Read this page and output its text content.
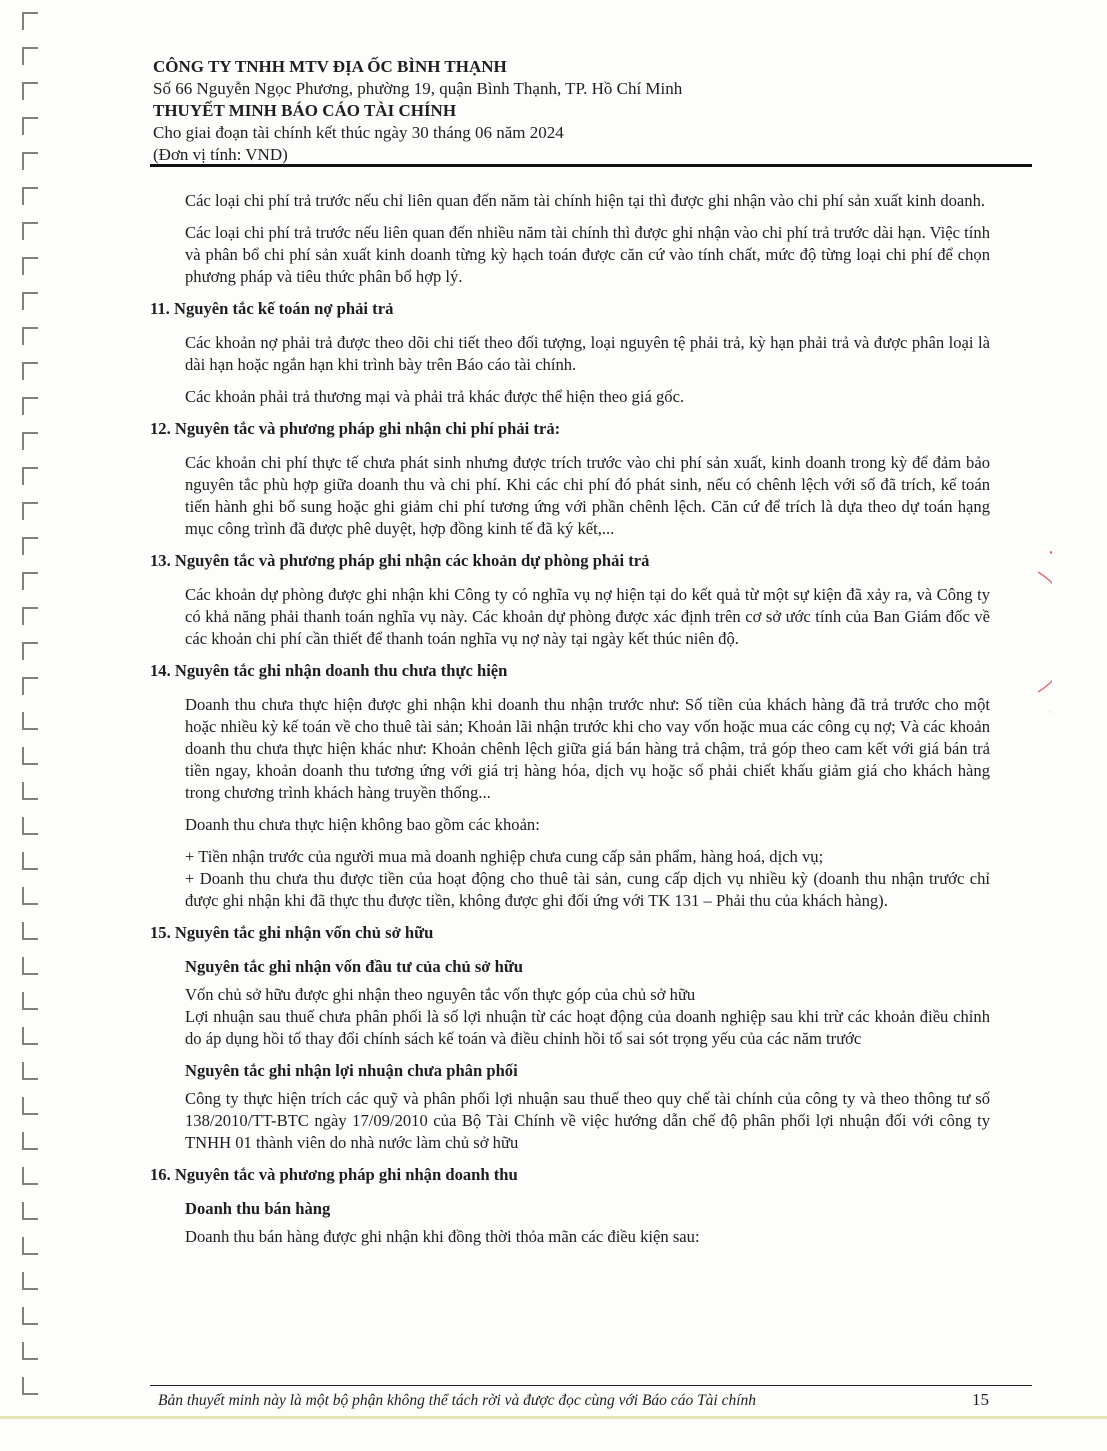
CÔNG TY TNHH MTV ĐỊA ỐC BÌNH THẠNH
Số 66 Nguyễn Ngọc Phương, phường 19, quận Bình Thạnh, TP. Hồ Chí Minh
THUYẾT MINH BÁO CÁO TÀI CHÍNH
Cho giai đoạn tài chính kết thúc ngày 30 tháng 06 năm 2024
(Đơn vị tính: VND)

Các loại chi phí trả trước nếu chỉ liên quan đến năm tài chính hiện tại thì được ghi nhận vào chi phí sản xuất kinh doanh.

Các loại chi phí trả trước nếu liên quan đến nhiều năm tài chính thì được ghi nhận vào chi phí trả trước dài hạn. Việc tính và phân bổ chi phí sản xuất kinh doanh từng kỳ hạch toán được căn cứ vào tính chất, mức độ từng loại chi phí để chọn phương pháp và tiêu thức phân bổ hợp lý.

11. Nguyên tắc kế toán nợ phải trả

Các khoản nợ phải trả được theo dõi chi tiết theo đối tượng, loại nguyên tệ phải trả, kỳ hạn phải trả và được phân loại là dài hạn hoặc ngắn hạn khi trình bày trên Báo cáo tài chính.

Các khoản phải trả thương mại và phải trả khác được thể hiện theo giá gốc.

12. Nguyên tắc và phương pháp ghi nhận chi phí phải trả:

Các khoản chi phí thực tế chưa phát sinh nhưng được trích trước vào chi phí sản xuất, kinh doanh trong kỳ để đảm bảo nguyên tắc phù hợp giữa doanh thu và chi phí. Khi các chi phí đó phát sinh, nếu có chênh lệch với số đã trích, kế toán tiến hành ghi bổ sung hoặc ghi giảm chi phí tương ứng với phần chênh lệch. Căn cứ để trích là dựa theo dự toán hạng mục công trình đã được phê duyệt, hợp đồng kinh tế đã ký kết,...

13. Nguyên tắc và phương pháp ghi nhận các khoản dự phòng phải trả

Các khoản dự phòng được ghi nhận khi Công ty có nghĩa vụ nợ hiện tại do kết quả từ một sự kiện đã xảy ra, và Công ty có khả năng phải thanh toán nghĩa vụ này. Các khoản dự phòng được xác định trên cơ sở ước tính của Ban Giám đốc về các khoản chi phí cần thiết để thanh toán nghĩa vụ nợ này tại ngày kết thúc niên độ.

14. Nguyên tắc ghi nhận doanh thu chưa thực hiện

Doanh thu chưa thực hiện được ghi nhận khi doanh thu nhận trước như: Số tiền của khách hàng đã trả trước cho một hoặc nhiều kỳ kế toán về cho thuê tài sản; Khoản lãi nhận trước khi cho vay vốn hoặc mua các công cụ nợ; Và các khoản doanh thu chưa thực hiện khác như: Khoản chênh lệch giữa giá bán hàng trả chậm, trả góp theo cam kết với giá bán trả tiền ngay, khoản doanh thu tương ứng với giá trị hàng hóa, dịch vụ hoặc số phải chiết khấu giảm giá cho khách hàng trong chương trình khách hàng truyền thống...

Doanh thu chưa thực hiện không bao gồm các khoản:

+ Tiền nhận trước của người mua mà doanh nghiệp chưa cung cấp sản phẩm, hàng hoá, dịch vụ;

+ Doanh thu chưa thu được tiền của hoạt động cho thuê tài sản, cung cấp dịch vụ nhiều kỳ (doanh thu nhận trước chỉ được ghi nhận khi đã thực thu được tiền, không được ghi đối ứng với TK 131 – Phải thu của khách hàng).

15. Nguyên tắc ghi nhận vốn chủ sở hữu
Nguyên tắc ghi nhận vốn đầu tư của chủ sở hữu

Vốn chủ sở hữu được ghi nhận theo nguyên tắc vốn thực góp của chủ sở hữu

Lợi nhuận sau thuế chưa phân phối là số lợi nhuận từ các hoạt động của doanh nghiệp sau khi trừ các khoản điều chỉnh do áp dụng hồi tố thay đổi chính sách kế toán và điều chỉnh hồi tố sai sót trọng yếu của các năm trước

Nguyên tắc ghi nhận lợi nhuận chưa phân phối

Công ty thực hiện trích các quỹ và phân phối lợi nhuận sau thuế theo quy chế tài chính của công ty và theo thông tư số 138/2010/TT-BTC ngày 17/09/2010 của Bộ Tài Chính về việc hướng dẫn chế độ phân phối lợi nhuận đối với công ty TNHH 01 thành viên do nhà nước làm chủ sở hữu

16. Nguyên tắc và phương pháp ghi nhận doanh thu
Doanh thu bán hàng

Doanh thu bán hàng được ghi nhận khi đồng thời thỏa mãn các điều kiện sau:

Bản thuyết minh này là một bộ phận không thể tách rời và được đọc cùng với Báo cáo Tài chính	15
